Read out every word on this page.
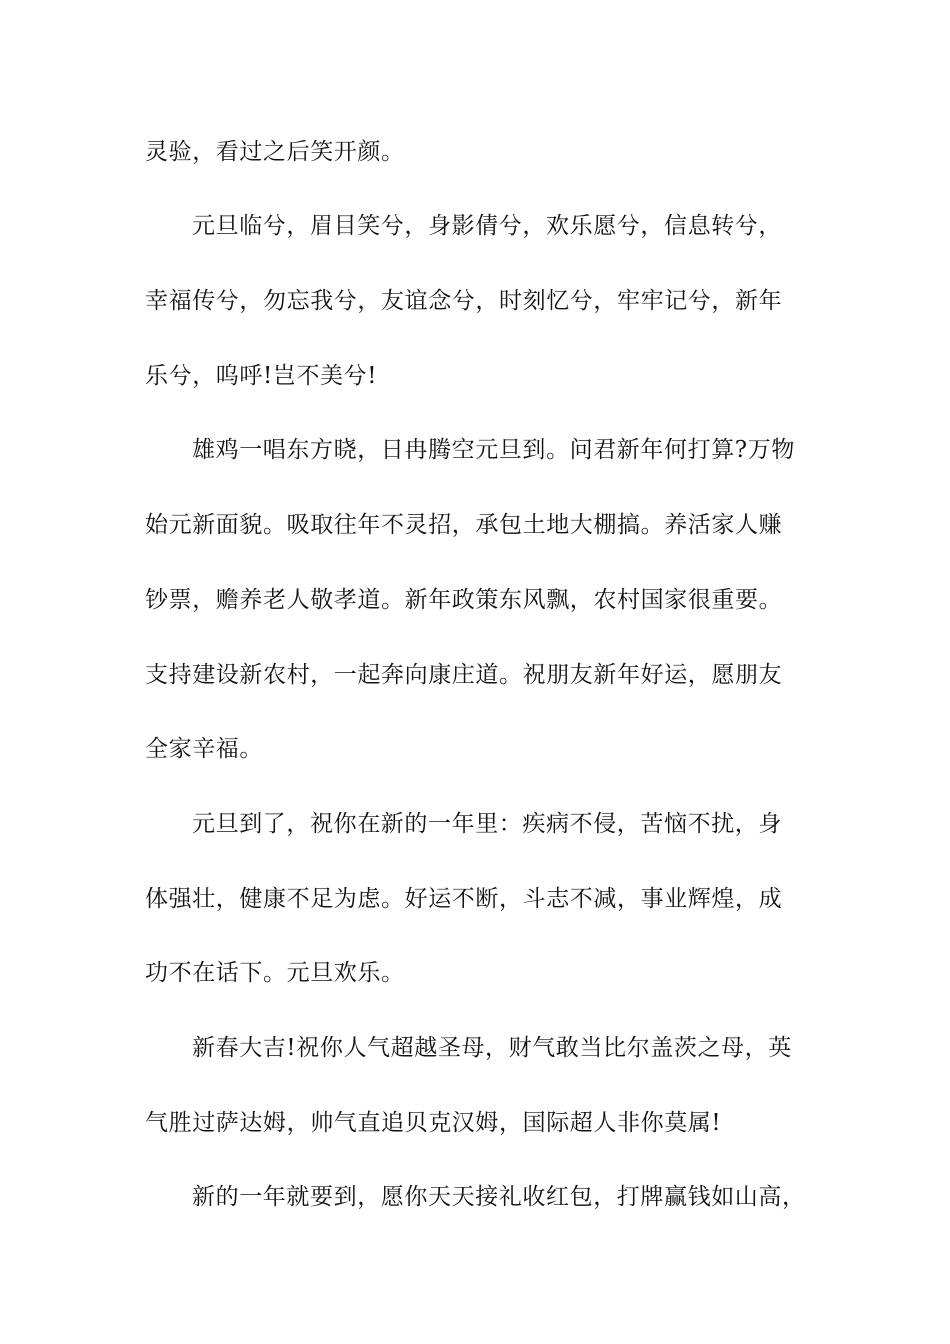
灵验，看过之后笑开颜。
元旦临兮，眉目笑兮，身影倩兮，欢乐愿兮，信息转兮，
幸福传兮，勿忘我兮，友谊念兮，时刻忆兮，牢牢记兮，新年
乐兮，呜呼!岂不美兮!
雄鸡一唱东方晓，日冉腾空元旦到。问君新年何打算?万物
始元新面貌。吸取往年不灵招，承包土地大棚搞。养活家人赚
钞票，赡养老人敬孝道。新年政策东风飘，农村国家很重要。
支持建设新农村，一起奔向康庄道。祝朋友新年好运，愿朋友
全家辛福。
元旦到了，祝你在新的一年里：疾病不侵，苦恼不扰，身
体强壮，健康不足为虑。好运不断，斗志不减，事业辉煌，成
功不在话下。元旦欢乐。
新春大吉!祝你人气超越圣母，财气敢当比尔盖茨之母，英
气胜过萨达姆，帅气直追贝克汉姆，国际超人非你莫属!
新的一年就要到，愿你天天接礼收红包，打牌赢钱如山高，
